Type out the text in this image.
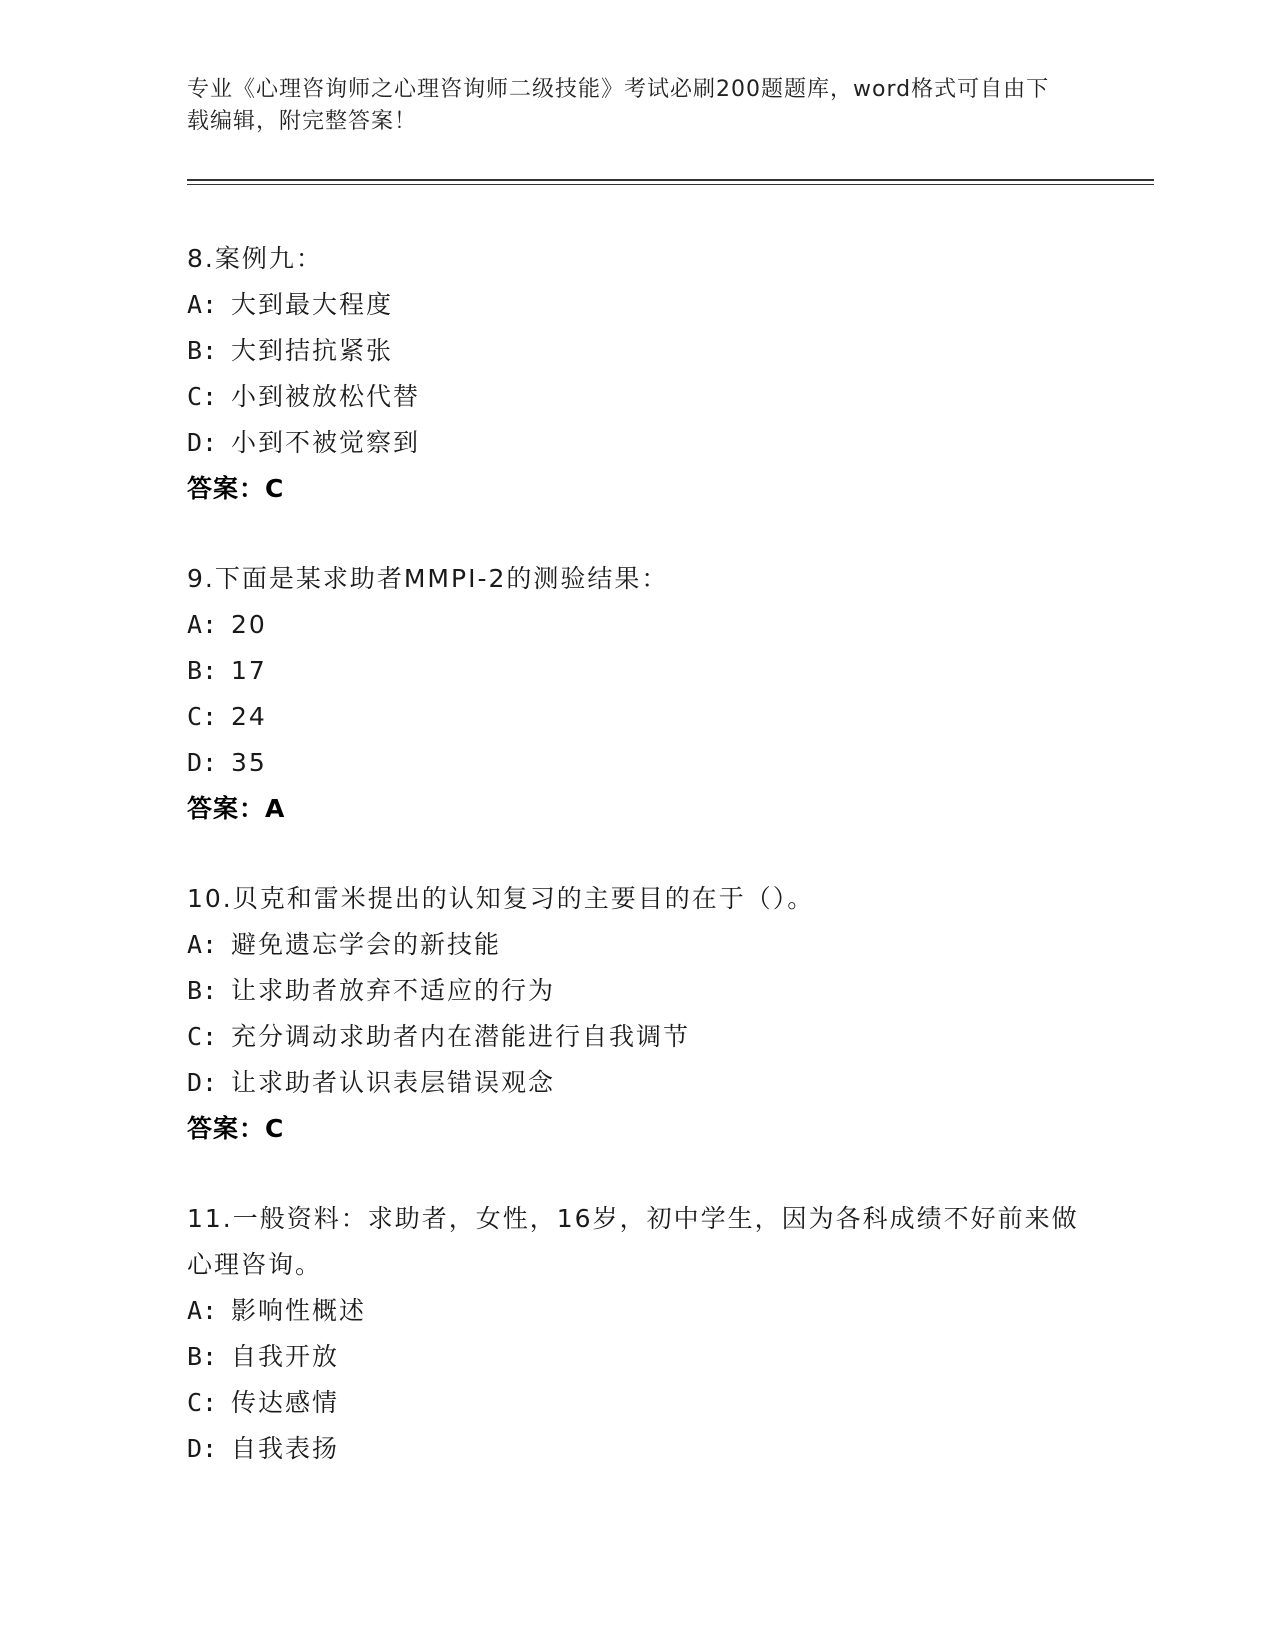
专业《心理咨询师之心理咨询师二级技能》考试必刷200题题库，word格式可自由下载编辑，附完整答案！
8.案例九：
A: 大到最大程度
B: 大到拮抗紧张
C: 小到被放松代替
D: 小到不被觉察到
答案：C
9.下面是某求助者MMPI-2的测验结果：
A: 20
B: 17
C: 24
D: 35
答案：A
10.贝克和雷米提出的认知复习的主要目的在于（）。
A: 避免遗忘学会的新技能
B: 让求助者放弃不适应的行为
C: 充分调动求助者内在潜能进行自我调节
D: 让求助者认识表层错误观念
答案：C
11.一般资料：求助者，女性，16岁，初中学生，因为各科成绩不好前来做心理咨询。
A: 影响性概述
B: 自我开放
C: 传达感情
D: 自我表扬
